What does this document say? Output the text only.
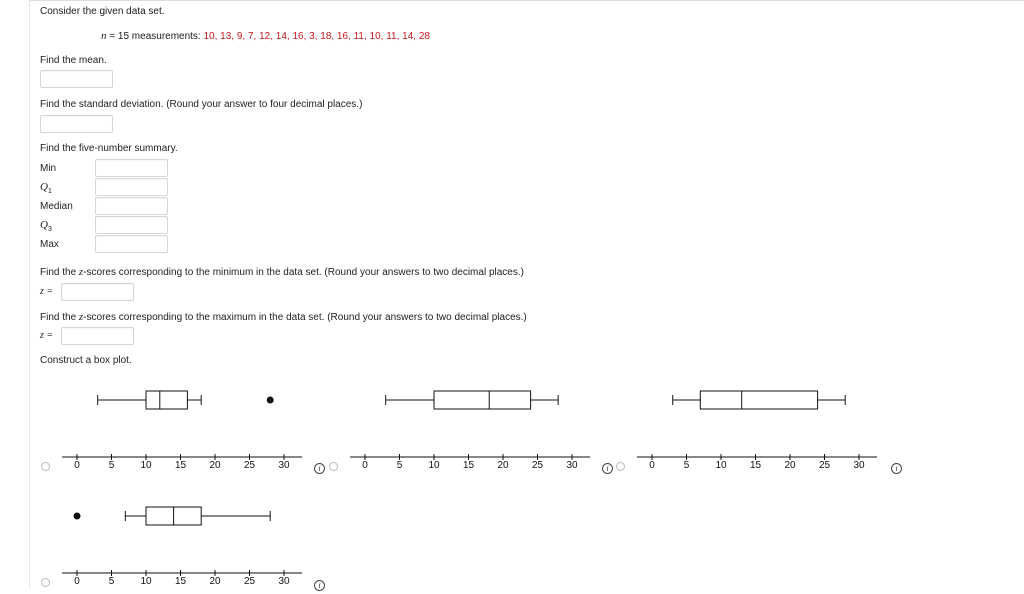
Consider the given data set.
n = 15 measurements: 10, 13, 9, 7, 12, 14, 16, 3, 18, 16, 11, 10, 11, 14, 28
Find the mean.
Find the standard deviation. (Round your answer to four decimal places.)
Find the five-number summary.
Min
$Q_1$
Median
$Q_3$
Max
Find the z-scores corresponding to the minimum in the data set. (Round your answers to two decimal places.)
z =
Find the z-scores corresponding to the maximum in the data set. (Round your answers to two decimal places.)
z =
Construct a box plot.
0	5	10 15 20 25 30	i	0	5	10 15 20 25 30	i	0	5	10 15 20 25 30	i
0	5	10 15 20 25 30	i
